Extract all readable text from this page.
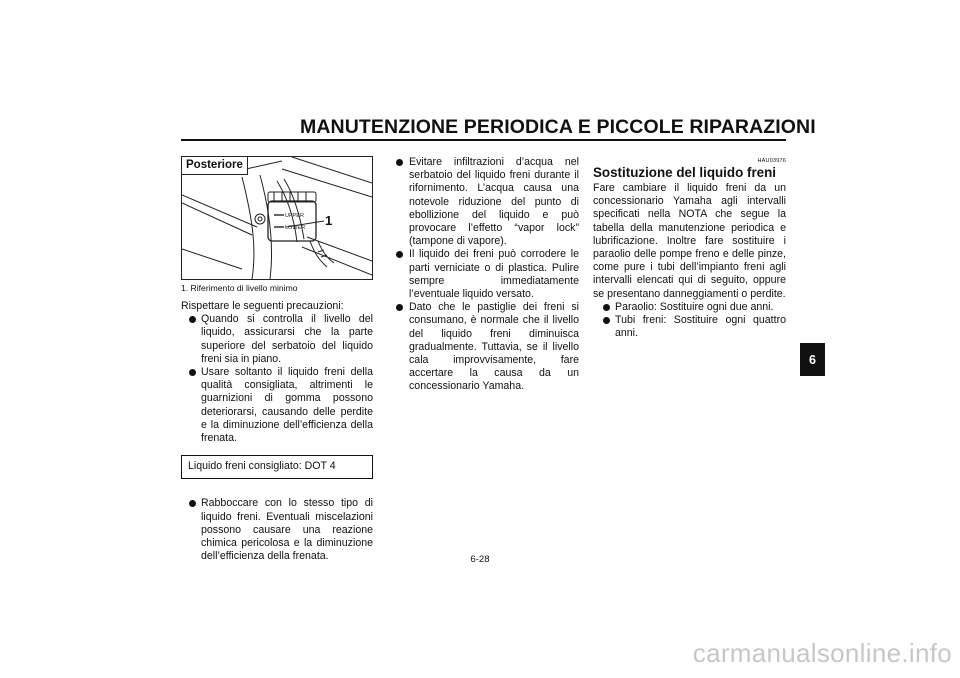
MANUTENZIONE PERIODICA E PICCOLE RIPARAZIONI
UPPER
LOWER 1
Posteriore
1. Riferimento di livello minimo
Rispettare le seguenti precauzioni:
Quando si controlla il livello del liquido, assicurarsi che la parte superiore del serbatoio del liquido freni sia in piano.
Usare soltanto il liquido freni della qualità consigliata, altrimenti le guarnizioni di gomma possono deteriorarsi, causando delle perdite e la diminuzione dell’efficienza della frenata.
Liquido freni consigliato: DOT 4
Rabboccare con lo stesso tipo di liquido freni. Eventuali miscelazioni possono causare una reazione chimica pericolosa e la diminuzione dell’efficienza della frenata.
Evitare infiltrazioni d’acqua nel serbatoio del liquido freni durante il rifornimento. L’acqua causa una notevole riduzione del punto di ebollizione del liquido e può provocare l’effetto “vapor lock” (tampone di vapore).
Il liquido dei freni può corrodere le parti verniciate o di plastica. Pulire sempre immediatamente l’eventuale liquido versato.
Dato che le pastiglie dei freni si consumano, è normale che il livello del liquido freni diminuisca gradualmente. Tuttavia, se il livello cala improvvisamente, fare accertare la causa da un concessionario Yamaha.
HAU03976
Sostituzione del liquido freni
Fare cambiare il liquido freni da un concessionario Yamaha agli intervalli specificati nella NOTA che segue la tabella della manutenzione periodica e lubrificazione. Inoltre fare sostituire i paraolio delle pompe freno e delle pinze, come pure i tubi dell’impianto freni agli intervalli elencati qui di seguito, oppure se presentano danneggiamenti o perdite.
Paraolio: Sostituire ogni due anni.
Tubi freni: Sostituire ogni quattro anni.
6
6-28
carmanualsonline.info
